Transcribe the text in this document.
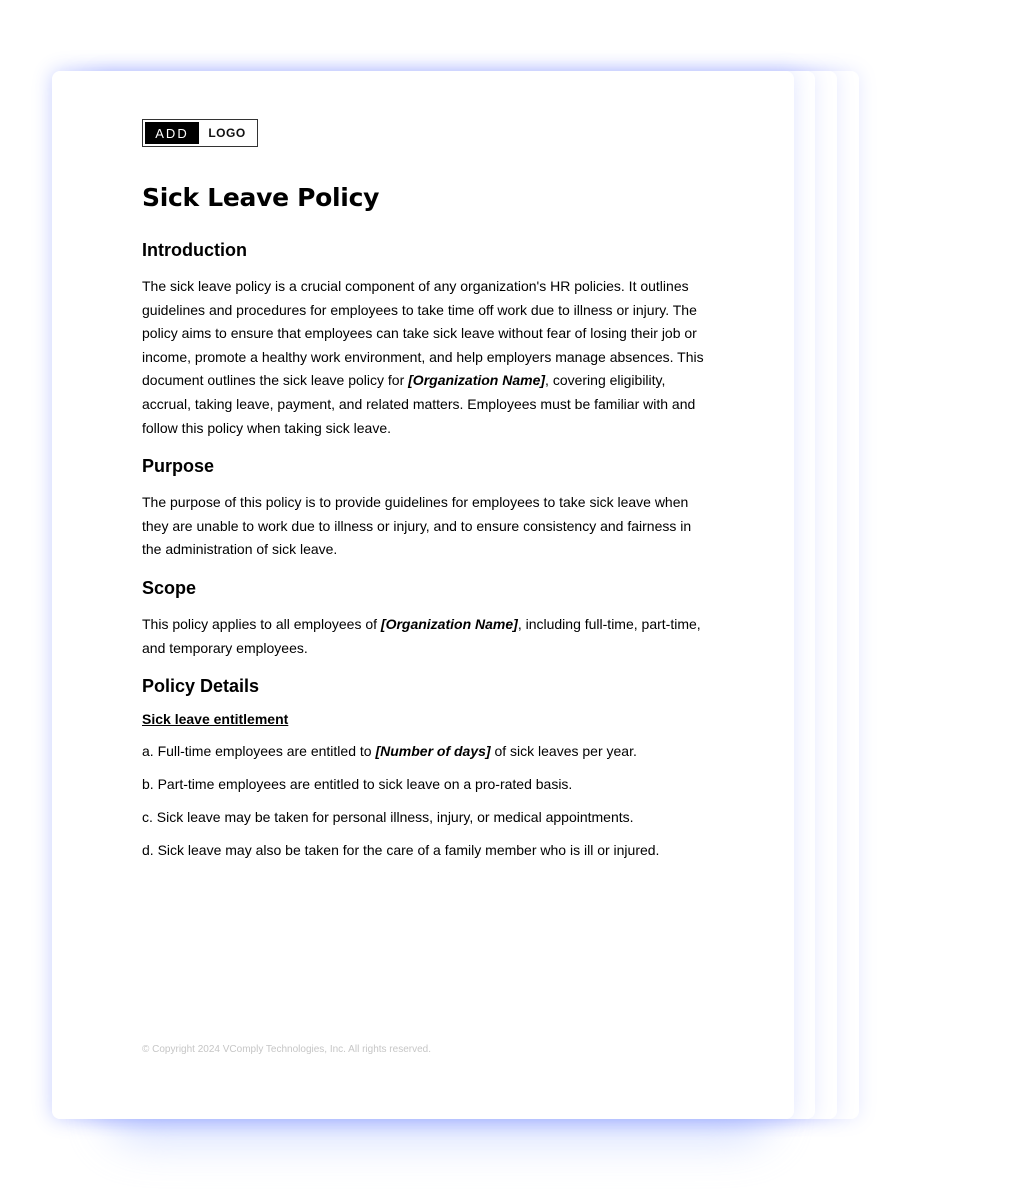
ADD	LOGO
Sick Leave Policy
Introduction

The sick leave policy is a crucial component of any organization's HR policies. It outlines guidelines and procedures for employees to take time off work due to illness or injury. The policy aims to ensure that employees can take sick leave without fear of losing their job or income, promote a healthy work environment, and help employers manage absences. This document outlines the sick leave policy for [Organization Name], covering eligibility, accrual, taking leave, payment, and related matters. Employees must be familiar with and follow this policy when taking sick leave.

Purpose

The purpose of this policy is to provide guidelines for employees to take sick leave when they are unable to work due to illness or injury, and to ensure consistency and fairness in the administration of sick leave.

Scope

This policy applies to all employees of [Organization Name], including full-time, part-time, and temporary employees.

Policy Details
Sick leave entitlement

a. Full-time employees are entitled to [Number of days] of sick leaves per year.

b. Part-time employees are entitled to sick leave on a pro-rated basis.

c. Sick leave may be taken for personal illness, injury, or medical appointments.

d. Sick leave may also be taken for the care of a family member who is ill or injured.

© Copyright 2024 VComply Technologies, Inc. All rights reserved.
